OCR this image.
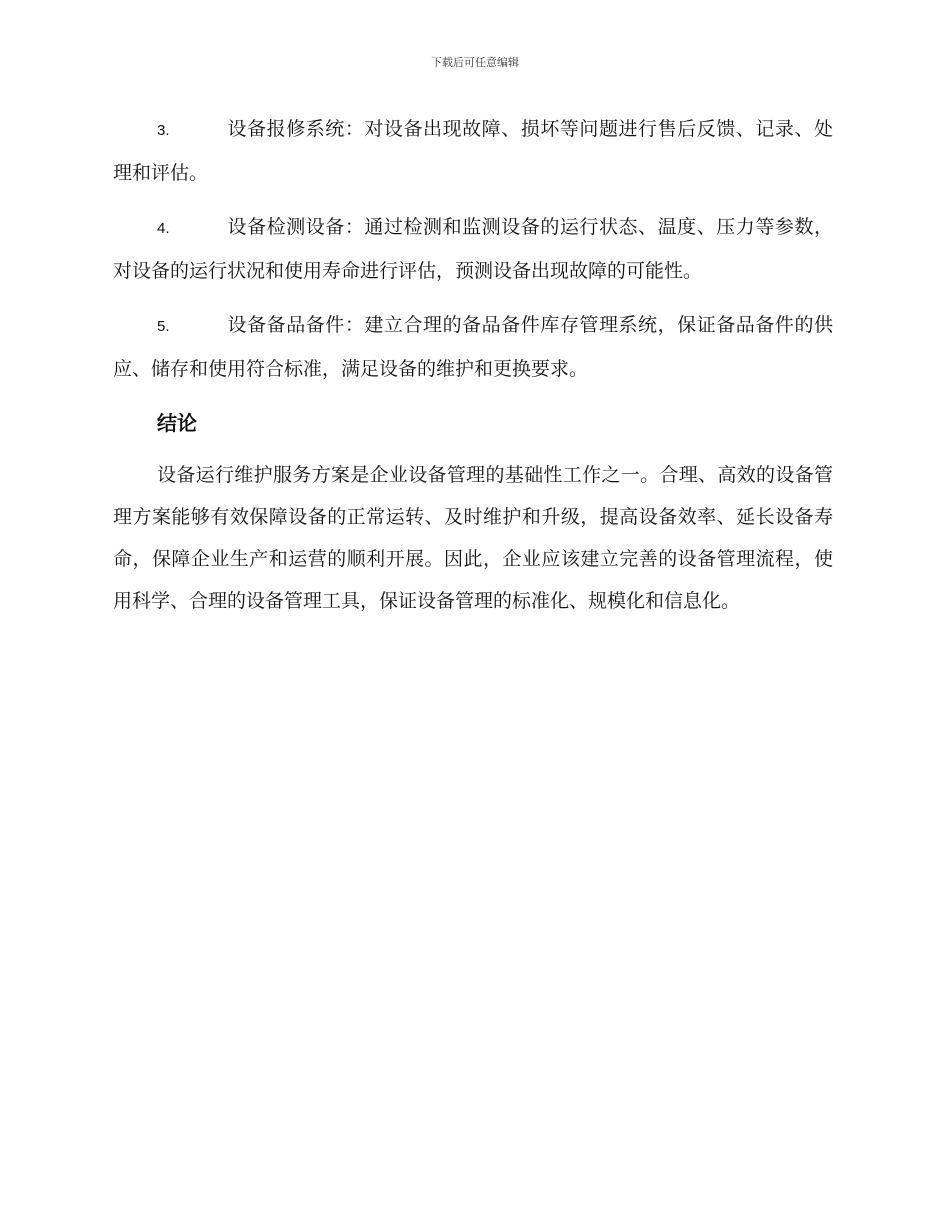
下载后可任意编辑

3.	设备报修系统：对设备出现故障、损坏等问题进行售后反馈、记录、处理和评估。

4.	设备检测设备：通过检测和监测设备的运行状态、温度、压力等参数，对设备的运行状况和使用寿命进行评估，预测设备出现故障的可能性。

5.	设备备品备件：建立合理的备品备件库存管理系统，保证备品备件的供应、储存和使用符合标准，满足设备的维护和更换要求。

结论

设备运行维护服务方案是企业设备管理的基础性工作之一。合理、高效的设备管理方案能够有效保障设备的正常运转、及时维护和升级，提高设备效率、延长设备寿命，保障企业生产和运营的顺利开展。因此，企业应该建立完善的设备管理流程，使用科学、合理的设备管理工具，保证设备管理的标准化、规模化和信息化。
